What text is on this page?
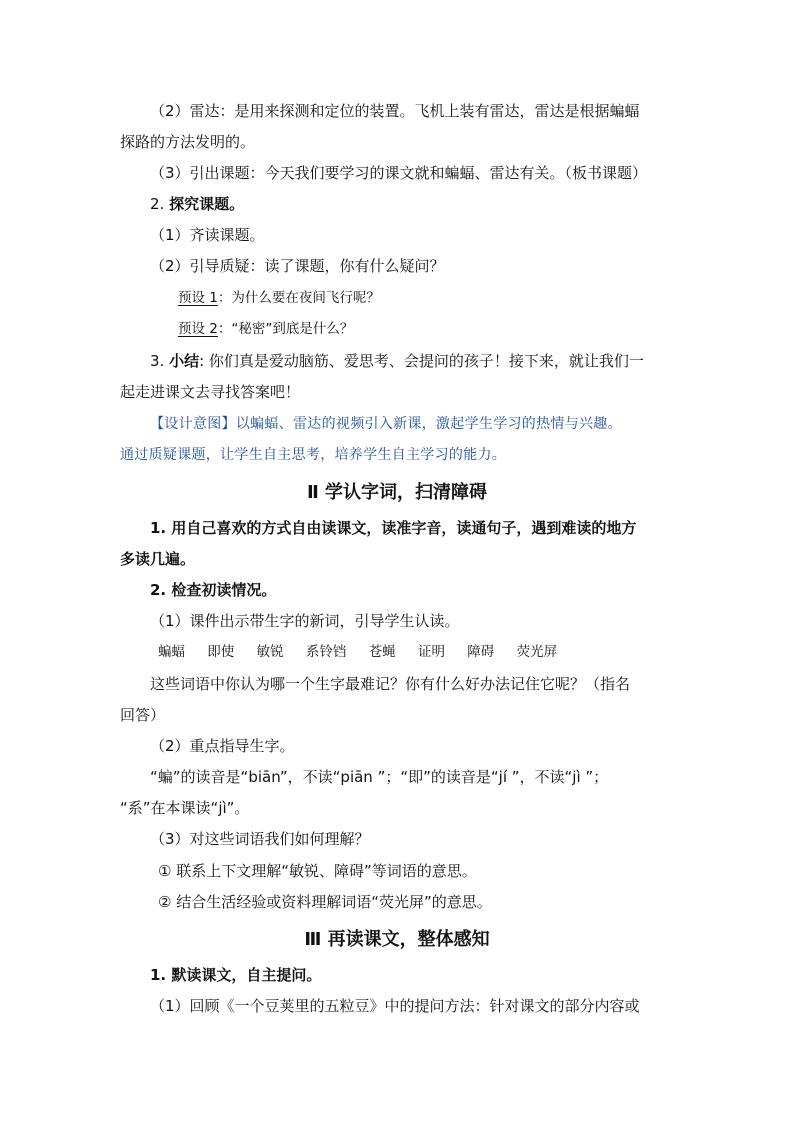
（2）雷达：是用来探测和定位的装置。飞机上装有雷达，雷达是根据蝙蝠
探路的方法发明的。
（3）引出课题：今天我们要学习的课文就和蝙蝠、雷达有关。（板书课题）
2. 探究课题。
（1）齐读课题。
（2）引导质疑：读了课题，你有什么疑问？
预设 1：为什么要在夜间飞行呢？
预设 2：“秘密”到底是什么？
3. 小结: 你们真是爱动脑筋、爱思考、会提问的孩子！接下来，就让我们一
起走进课文去寻找答案吧！
【设计意图】以蝙蝠、雷达的视频引入新课，激起学生学习的热情与兴趣。
通过质疑课题，让学生自主思考，培养学生自主学习的能力。
Ⅱ 学认字词，扫清障碍
1. 用自己喜欢的方式自由读课文，读准字音，读通句子，遇到难读的地方
多读几遍。
2. 检查初读情况。
（1）课件出示带生字的新词，引导学生认读。
蝙蝠 即使 敏锐 系铃铛 苍蝇 证明 障碍 荧光屏
这些词语中你认为哪一个生字最难记？你有什么好办法记住它呢？（指名
回答）
（2）重点指导生字。
“蝙”的读音是“biān”，不读“piān ”；“即”的读音是“jí ”，不读“jì ”；
“系”在本课读“jì”。
（3）对这些词语我们如何理解？
① 联系上下文理解“敏锐、障碍”等词语的意思。
② 结合生活经验或资料理解词语“荧光屏”的意思。
Ⅲ 再读课文，整体感知
1. 默读课文，自主提问。
（1）回顾《一个豆荚里的五粒豆》中的提问方法：针对课文的部分内容或
